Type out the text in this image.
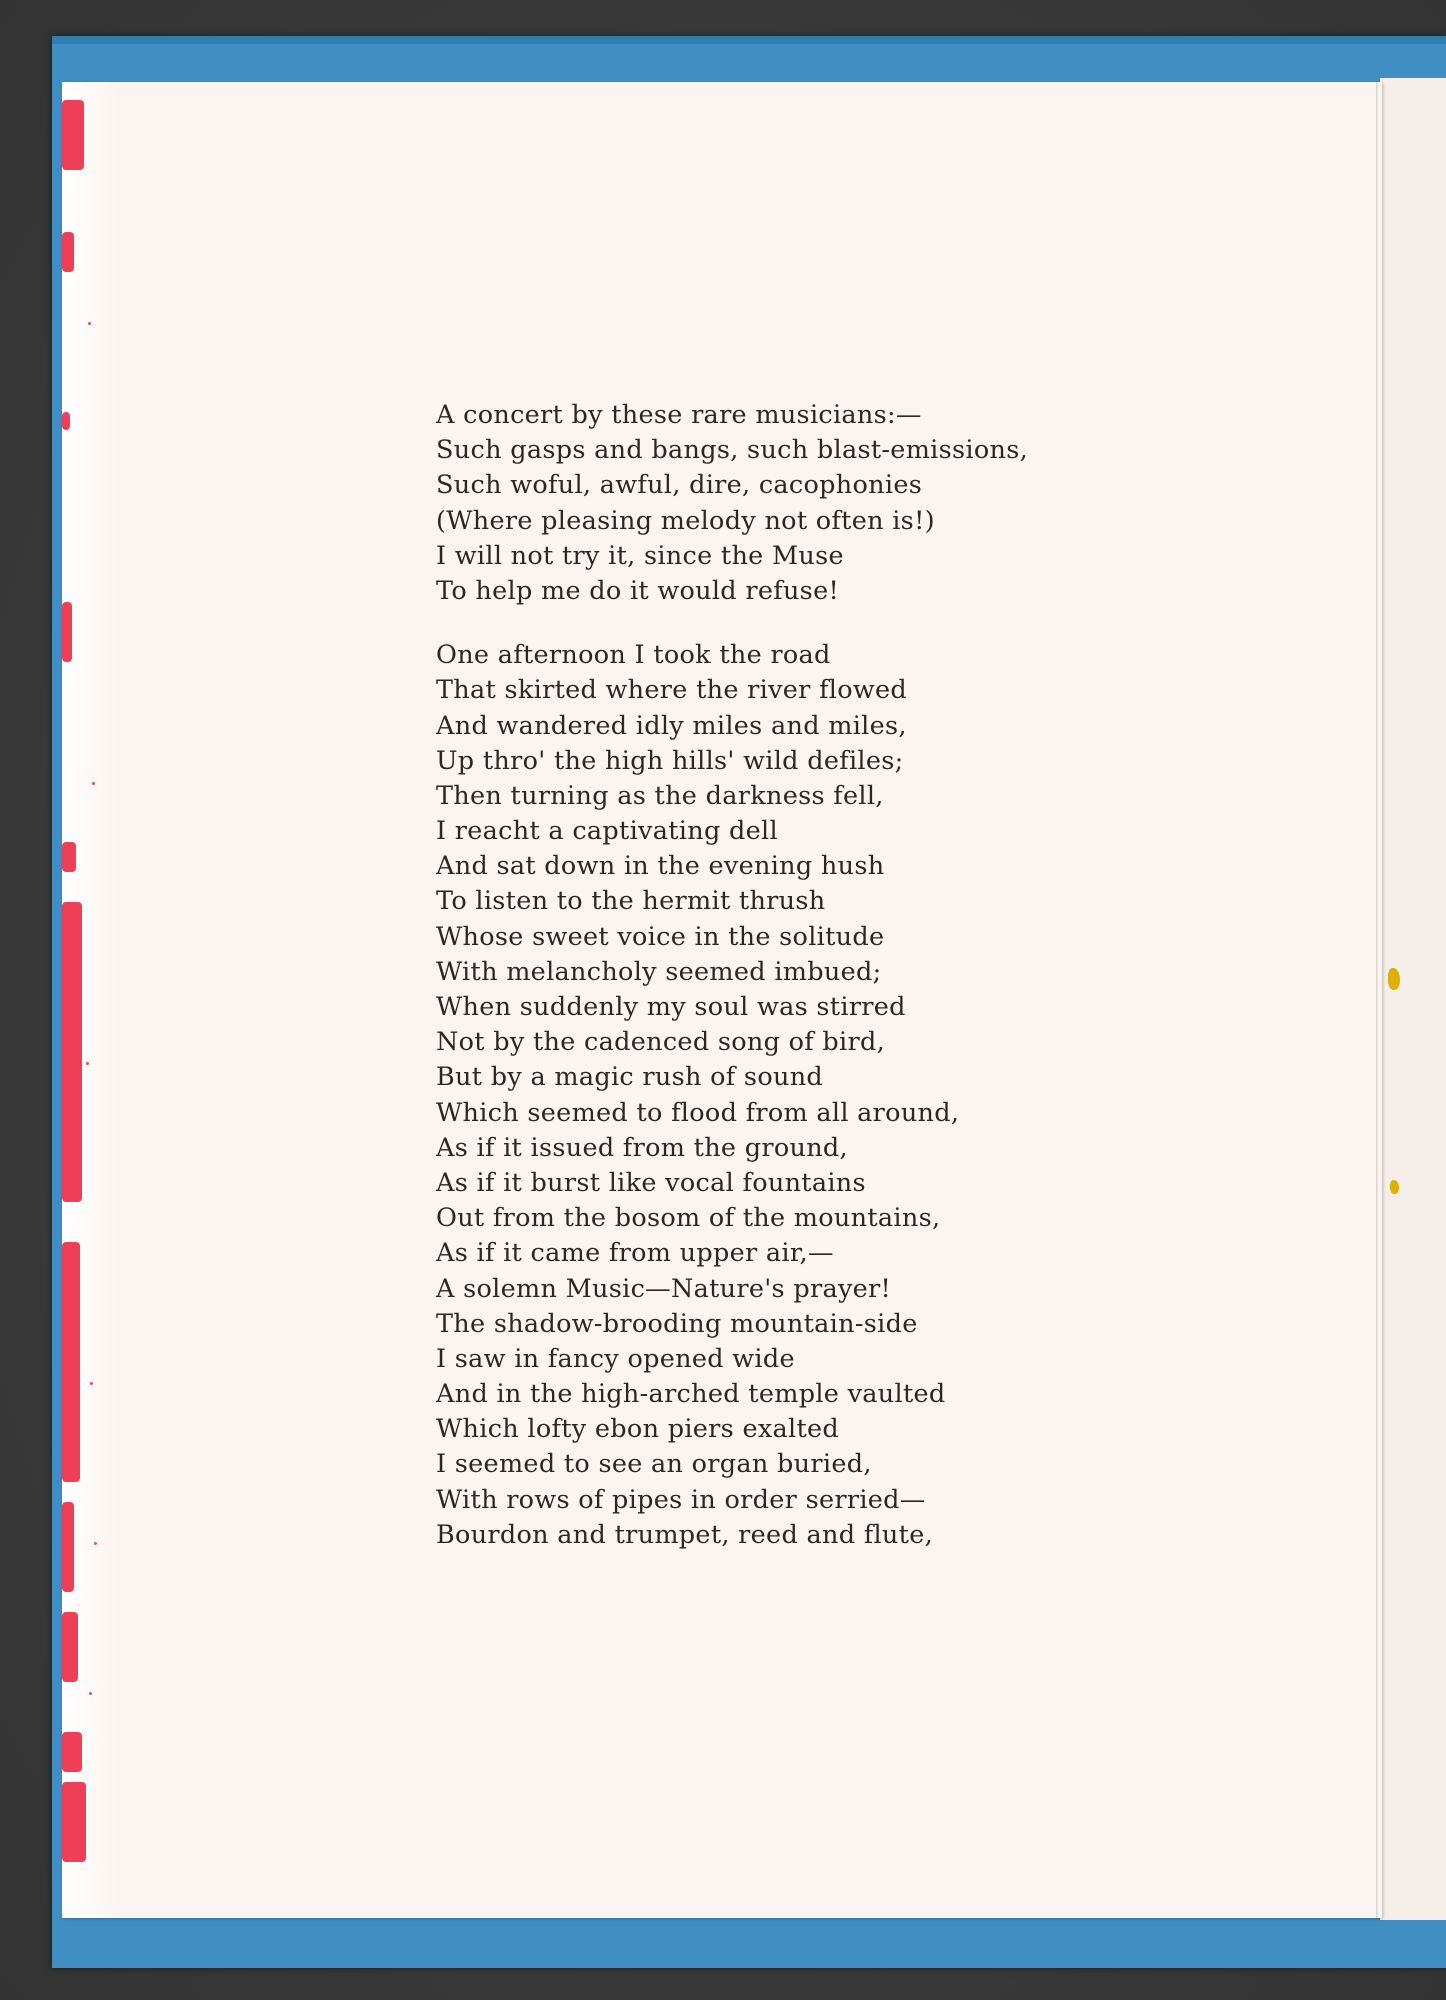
A concert by these rare musicians:—
Such gasps and bangs, such blast-emissions,
Such woful, awful, dire, cacophonies
(Where pleasing melody not often is!)
I will not try it, since the Muse
To help me do it would refuse!
One afternoon I took the road
That skirted where the river flowed
And wandered idly miles and miles,
Up thro' the high hills' wild defiles;
Then turning as the darkness fell,
I reacht a captivating dell
And sat down in the evening hush
To listen to the hermit thrush
Whose sweet voice in the solitude
With melancholy seemed imbued;
When suddenly my soul was stirred
Not by the cadenced song of bird,
But by a magic rush of sound
Which seemed to flood from all around,
As if it issued from the ground,
As if it burst like vocal fountains
Out from the bosom of the mountains,
As if it came from upper air,—
A solemn Music—Nature's prayer!
The shadow-brooding mountain-side
I saw in fancy opened wide
And in the high-arched temple vaulted
Which lofty ebon piers exalted
I seemed to see an organ buried,
With rows of pipes in order serried—
Bourdon and trumpet, reed and flute,
